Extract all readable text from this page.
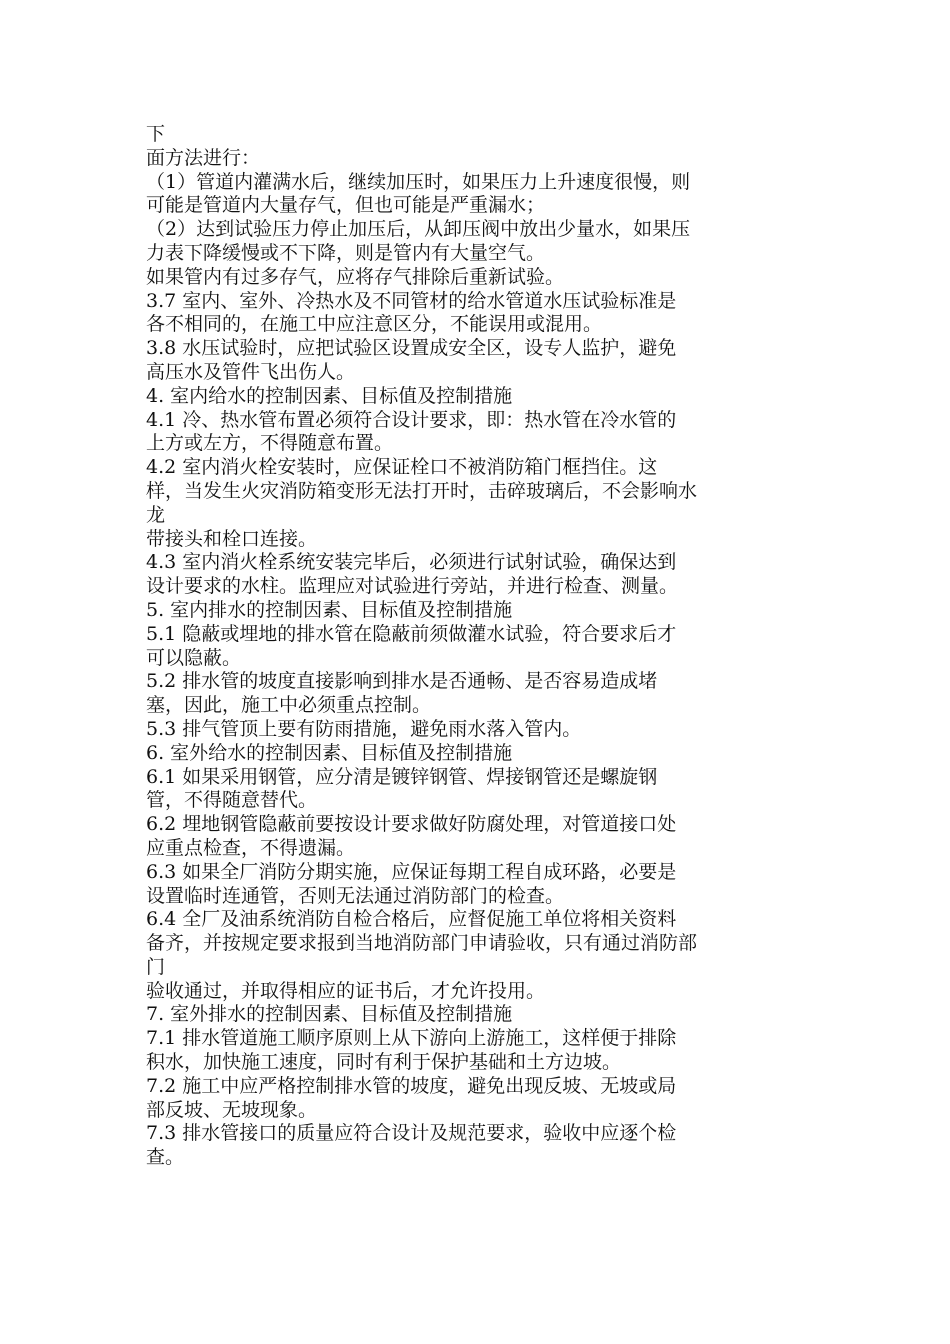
下
面方法进行：
（1）管道内灌满水后，继续加压时，如果压力上升速度很慢，则
可能是管道内大量存气，但也可能是严重漏水；
（2）达到试验压力停止加压后，从卸压阀中放出少量水，如果压
力表下降缓慢或不下降，则是管内有大量空气。
如果管内有过多存气，应将存气排除后重新试验。
3.7 室内、室外、冷热水及不同管材的给水管道水压试验标准是
各不相同的，在施工中应注意区分，不能误用或混用。
3.8 水压试验时，应把试验区设置成安全区，设专人监护，避免
高压水及管件飞出伤人。
4. 室内给水的控制因素、目标值及控制措施
4.1 冷、热水管布置必须符合设计要求，即：热水管在冷水管的
上方或左方，不得随意布置。
4.2 室内消火栓安装时，应保证栓口不被消防箱门框挡住。这
样，当发生火灾消防箱变形无法打开时，击碎玻璃后，不会影响水
龙
带接头和栓口连接。
4.3 室内消火栓系统安装完毕后，必须进行试射试验，确保达到
设计要求的水柱。监理应对试验进行旁站，并进行检查、测量。
5. 室内排水的控制因素、目标值及控制措施
5.1 隐蔽或埋地的排水管在隐蔽前须做灌水试验，符合要求后才
可以隐蔽。
5.2 排水管的坡度直接影响到排水是否通畅、是否容易造成堵
塞，因此，施工中必须重点控制。
5.3 排气管顶上要有防雨措施，避免雨水落入管内。
6. 室外给水的控制因素、目标值及控制措施
6.1 如果采用钢管，应分清是镀锌钢管、焊接钢管还是螺旋钢
管，不得随意替代。
6.2 埋地钢管隐蔽前要按设计要求做好防腐处理，对管道接口处
应重点检查，不得遗漏。
6.3 如果全厂消防分期实施，应保证每期工程自成环路，必要是
设置临时连通管，否则无法通过消防部门的检查。
6.4 全厂及油系统消防自检合格后，应督促施工单位将相关资料
备齐，并按规定要求报到当地消防部门申请验收，只有通过消防部
门
验收通过，并取得相应的证书后，才允许投用。
7. 室外排水的控制因素、目标值及控制措施
7.1 排水管道施工顺序原则上从下游向上游施工，这样便于排除
积水，加快施工速度，同时有利于保护基础和土方边坡。
7.2 施工中应严格控制排水管的坡度，避免出现反坡、无坡或局
部反坡、无坡现象。
7.3 排水管接口的质量应符合设计及规范要求，验收中应逐个检
查。
